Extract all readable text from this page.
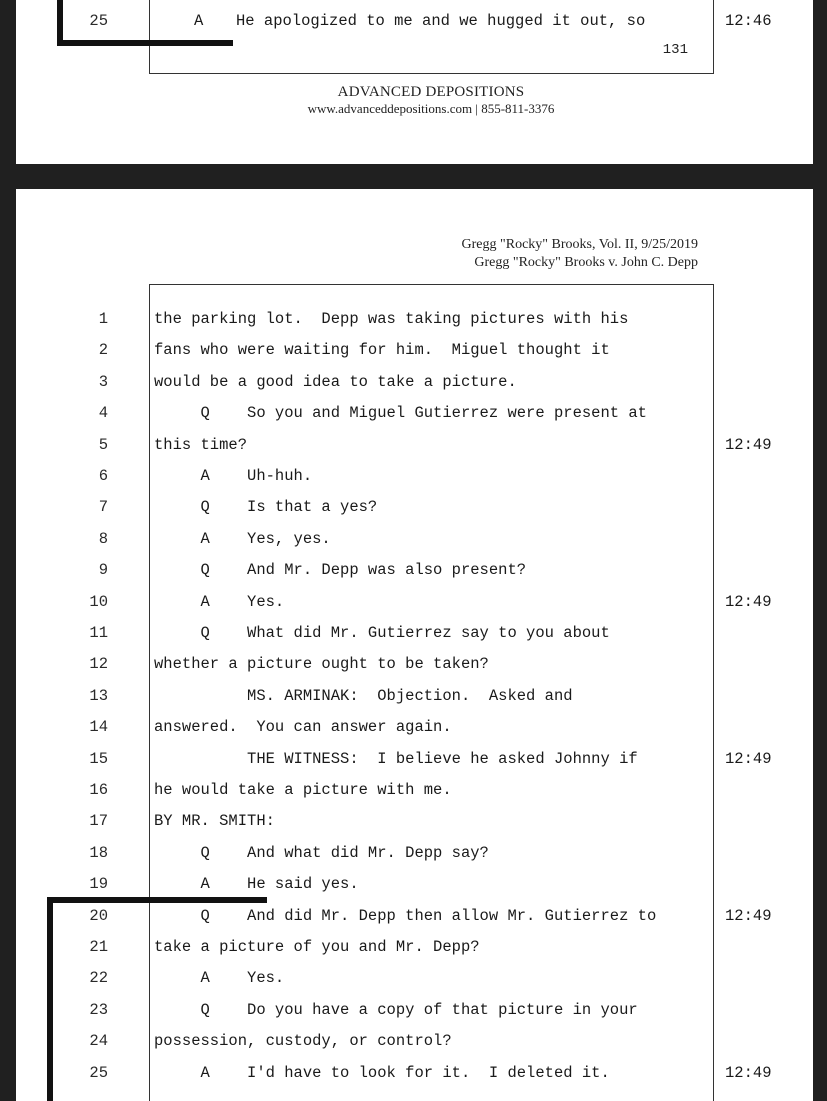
25	A He apologized to me and we hugged it out, so	12:46
131
ADVANCED DEPOSITIONS
www.advanceddepositions.com | 855-811-3376
Gregg "Rocky" Brooks, Vol. II, 9/25/2019
Gregg "Rocky" Brooks v. John C. Depp
1	the parking lot.  Depp was taking pictures with his
2	fans who were waiting for him.  Miguel thought it
3	would be a good idea to take a picture.
4	Q    So you and Miguel Gutierrez were present at
5	this time?	12:49
6	A    Uh-huh.
7	Q    Is that a yes?
8	A    Yes, yes.
9	Q    And Mr. Depp was also present?
10	A    Yes.	12:49
11	Q    What did Mr. Gutierrez say to you about
12	whether a picture ought to be taken?
13	MS. ARMINAK:  Objection.  Asked and
14	answered.  You can answer again.
15	THE WITNESS:  I believe he asked Johnny if	12:49
16	he would take a picture with me.
17	BY MR. SMITH:
18	Q    And what did Mr. Depp say?
19	A    He said yes.
20	Q    And did Mr. Depp then allow Mr. Gutierrez to	12:49
21	take a picture of you and Mr. Depp?
22	A    Yes.
23	Q    Do you have a copy of that picture in your
24	possession, custody, or control?
25	A    I'd have to look for it.  I deleted it.	12:49
